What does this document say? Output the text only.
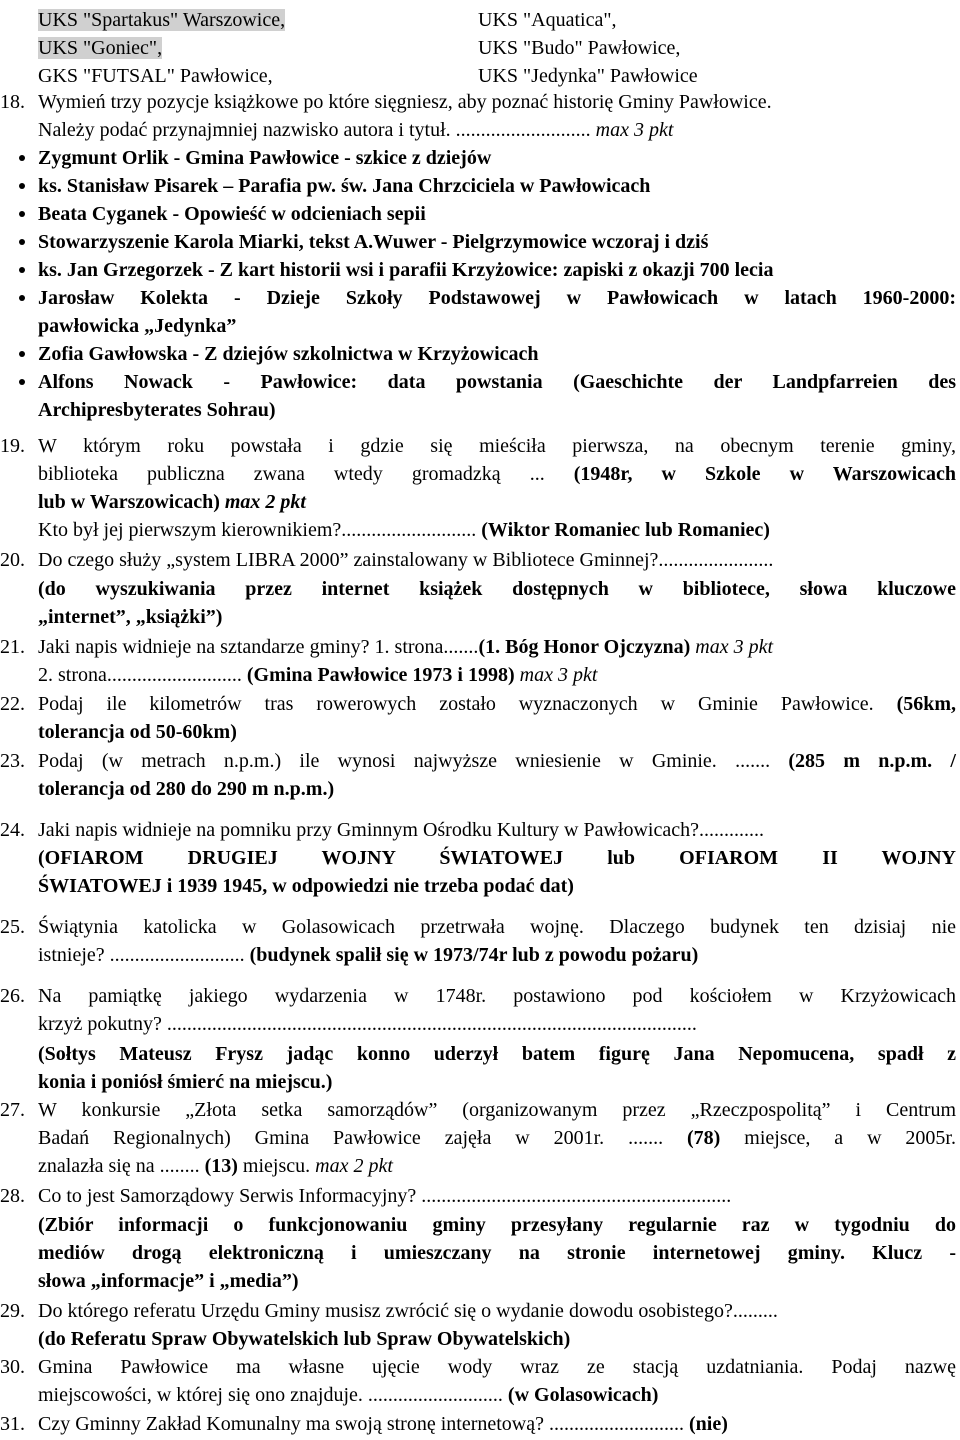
UKS "Spartakus" Warszowice,
UKS "Goniec",
GKS "FUTSAL" Pawłowice,
UKS "Aquatica",
UKS "Budo" Pawłowice,
UKS "Jedynka" Pawłowice
18. Wymień trzy pozycje książkowe po które sięgniesz, aby poznać historię Gminy Pawłowice.
Należy podać przynajmniej nazwisko autora i tytuł. ........................... max 3 pkt
Zygmunt Orlik - Gmina Pawłowice - szkice z dziejów
ks. Stanisław Pisarek – Parafia pw. św. Jana Chrzciciela w Pawłowicach
Beata Cyganek - Opowieść w odcieniach sepii
Stowarzyszenie Karola Miarki, tekst A.Wuwer - Pielgrzymowice wczoraj i dziś
ks. Jan Grzegorzek - Z kart historii wsi i parafii Krzyżowice: zapiski z okazji 700 lecia
Jarosław Kolekta - Dzieje Szkoły Podstawowej w Pawłowicach w latach 1960-2000:
pawłowicka „Jedynka”
Zofia Gawłowska - Z dziejów szkolnictwa w Krzyżowicach
Alfons Nowack - Pawłowice: data powstania (Gaeschichte der Landpfarreien des
Archipresbyterates Sohrau)
19. W którym roku powstała i gdzie się mieściła pierwsza, na obecnym terenie gminy,
biblioteka publiczna zwana wtedy gromadzką ... (1948r, w Szkole w Warszowicach
lub w Warszowicach) max 2 pkt
Kto był jej pierwszym kierownikiem?........................... (Wiktor Romaniec lub Romaniec)
20. Do czego służy „system LIBRA 2000” zainstalowany w Bibliotece Gminnej?.......................
(do wyszukiwania przez internet książek dostępnych w bibliotece, słowa kluczowe
„internet”, „książki”)
21. Jaki napis widnieje na sztandarze gminy? 1. strona.......(1. Bóg Honor Ojczyzna) max 3 pkt
2. strona........................... (Gmina Pawłowice 1973 i 1998) max 3 pkt
22. Podaj ile kilometrów tras rowerowych zostało wyznaczonych w Gminie Pawłowice. (56km,
tolerancja od 50-60km)
23. Podaj (w metrach n.p.m.) ile wynosi najwyższe wniesienie w Gminie. ....... (285 m n.p.m. /
tolerancja od 280 do 290 m n.p.m.)
24. Jaki napis widnieje na pomniku przy Gminnym Ośrodku Kultury w Pawłowicach?.............
(OFIAROM DRUGIEJ WOJNY ŚWIATOWEJ lub OFIAROM II WOJNY
ŚWIATOWEJ i 1939 1945, w odpowiedzi nie trzeba podać dat)
25. Świątynia katolicka w Golasowicach przetrwała wojnę. Dlaczego budynek ten dzisiaj nie
istnieje? ........................... (budynek spalił się w 1973/74r lub z powodu pożaru)
26. Na pamiątkę jakiego wydarzenia w 1748r. postawiono pod kościołem w Krzyżowicach
krzyż pokutny? ..........................................................................................................
(Sołtys Mateusz Frysz jadąc konno uderzył batem figurę Jana Nepomucena, spadł z
konia i poniósł śmierć na miejscu.)
27. W konkursie „Złota setka samorządów” (organizowanym przez „Rzeczpospolitą” i Centrum
Badań Regionalnych) Gmina Pawłowice zajęła w 2001r. ....... (78) miejsce, a w 2005r.
znalazła się na ........ (13) miejscu. max 2 pkt
28. Co to jest Samorządowy Serwis Informacyjny? ..............................................................
(Zbiór informacji o funkcjonowaniu gminy przesyłany regularnie raz w tygodniu do
mediów drogą elektroniczną i umieszczany na stronie internetowej gminy. Klucz -
słowa „informacje” i „media”)
29. Do którego referatu Urzędu Gminy musisz zwrócić się o wydanie dowodu osobistego?.........
(do Referatu Spraw Obywatelskich lub Spraw Obywatelskich)
30. Gmina Pawłowice ma własne ujęcie wody wraz ze stacją uzdatniania. Podaj nazwę
miejscowości, w której się ono znajduje. ........................... (w Golasowicach)
31. Czy Gminny Zakład Komunalny ma swoją stronę internetową? ........................... (nie)
